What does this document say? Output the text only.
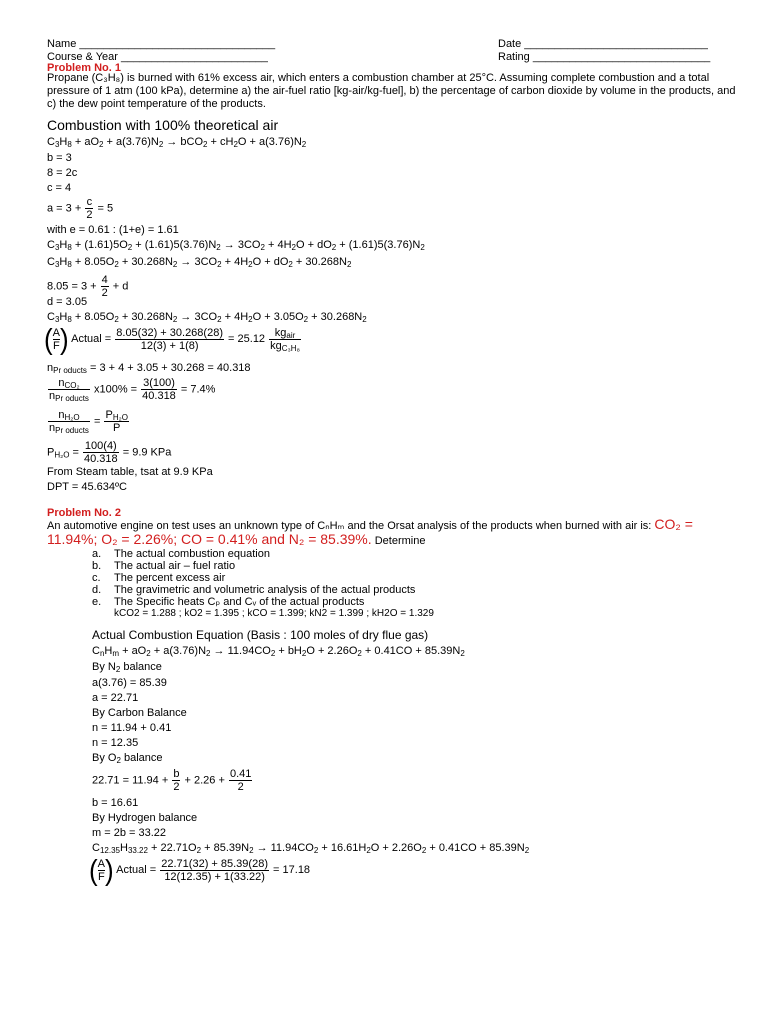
Name ________________________________
Course & Year ________________________
Date ______________________________
Rating _____________________________
Problem No. 1
Propane (C₃H₈) is burned with 61% excess air, which enters a combustion chamber at 25°C. Assuming complete combustion and a total pressure of 1 atm (100 kPa), determine a) the air-fuel ratio [kg-air/kg-fuel], b) the percentage of carbon dioxide by volume in the products, and c) the dew point temperature of the products.
Combustion with 100% theoretical air
$C_3H_8 + aO_2 + a(3.76)N_2 \to bCO_2 + cH_2O + a(3.76)N_2$
b = 3
8 = 2c
c = 4
$a = 3 + \frac{c}{2} = 5$
with e = 0.61 : (1+e) = 1.61
$C_3H_8 + (1.61)5O_2 + (1.61)5(3.76)N_2 \to 3CO_2 + 4H_2O + dO_2 + (1.61)5(3.76)N_2$
$C_3H_8 + 8.05O_2 + 30.268N_2 \to 3CO_2 + 4H_2O + dO_2 + 30.268N_2$
$8.05 = 3 + \frac{4}{2} + d$
d = 3.05
$C_3H_8 + 8.05O_2 + 30.268N_2 \to 3CO_2 + 4H_2O + 3.05O_2 + 30.268N_2$
( $\frac{A}{F}$ ) Actual = $\frac{8.05(32) + 30.268(28)}{12(3) + 1(8)} = 25.12 \frac{kg_{air}}{kg_{C_3H_8}}$
$n_{Pr oducts} = 3 + 4 + 3.05 + 30.268 = 40.318$
$\frac{n_{CO_2}}{n_{Pr oducts}} x100\% = \frac{3(100)}{40.318} = 7.4\%$
$\frac{n_{H_2O}}{n_{Pr oducts}} = \frac{P_{H_2O}}{P}$
$P_{H_2O} = \frac{100(4)}{40.318} = 9.9$ KPa
From Steam table, tsat at 9.9 KPa
DPT = 45.634ºC
Problem No. 2
An automotive engine on test uses an unknown type of CₙHₘ and the Orsat analysis of the products when burned with air is: CO₂ = 11.94%; O₂ = 2.26%; CO = 0.41% and N₂ = 85.39%. Determine
a. The actual combustion equation
b. The actual air – fuel ratio
c. The percent excess air
d. The gravimetric and volumetric analysis of the actual products
e. The Specific heats Cₚ and Cᵥ of the actual products
kCO2 = 1.288 ; kO2 = 1.395 ; kCO = 1.399; kN2 = 1.399 ; kH2O = 1.329
Actual Combustion Equation (Basis : 100 moles of dry flue gas)
$C_nH_m + aO_2 + a(3.76)N_2 \to 11.94CO_2 + bH_2O + 2.26O_2 + 0.41CO + 85.39N_2$
By $N_2$ balance
a(3.76) = 85.39
a = 22.71
By Carbon Balance
n = 11.94 + 0.41
n = 12.35
By $O_2$ balance
$22.71 = 11.94 + \frac{b}{2} + 2.26 + \frac{0.41}{2}$
b = 16.61
By Hydrogen balance
m = 2b = 33.22
$C_{12.35}H_{33.22} + 22.71O_2 + 85.39N_2 \to 11.94CO_2 + 16.61H_2O + 2.26O_2 + 0.41CO + 85.39N_2$
( $\frac{A}{F}$ ) Actual = $\frac{22.71(32) + 85.39(28)}{12(12.35) + 1(33.22)} = 17.18$
